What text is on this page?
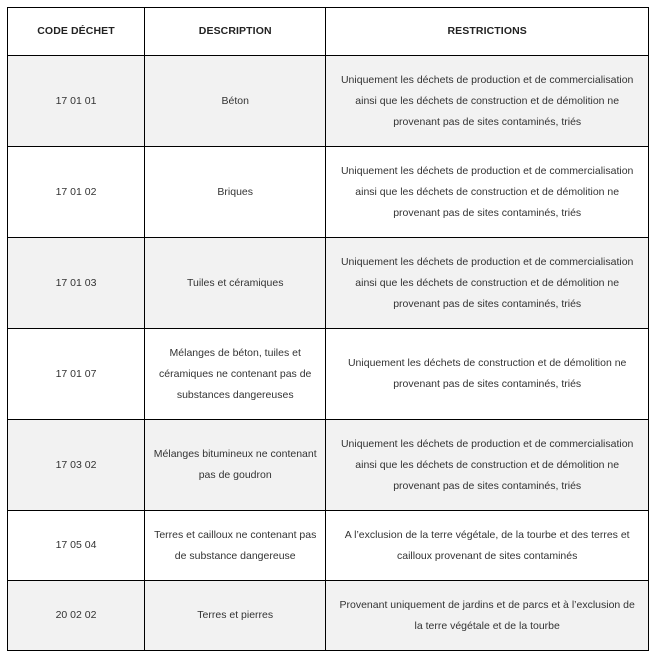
CODE DÉCHET	DESCRIPTION	RESTRICTIONS
17 01 01	Béton	Uniquement les déchets de production et de commercialisation ainsi que les déchets de construction et de démolition ne provenant pas de sites contaminés, triés
17 01 02	Briques	Uniquement les déchets de production et de commercialisation ainsi que les déchets de construction et de démolition ne provenant pas de sites contaminés, triés
17 01 03	Tuiles et céramiques	Uniquement les déchets de production et de commercialisation ainsi que les déchets de construction et de démolition ne provenant pas de sites contaminés, triés
17 01 07	Mélanges de béton, tuiles et céramiques ne contenant pas de substances dangereuses	Uniquement les déchets de construction et de démolition ne provenant pas de sites contaminés, triés
17 03 02	Mélanges bitumineux ne contenant pas de goudron	Uniquement les déchets de production et de commercialisation ainsi que les déchets de construction et de démolition ne provenant pas de sites contaminés, triés
17 05 04	Terres et cailloux ne contenant pas de substance dangereuse	A l’exclusion de la terre végétale, de la tourbe et des terres et cailloux provenant de sites contaminés
20 02 02	Terres et pierres	Provenant uniquement de jardins et de parcs et à l’exclusion de la terre végétale et de la tourbe
